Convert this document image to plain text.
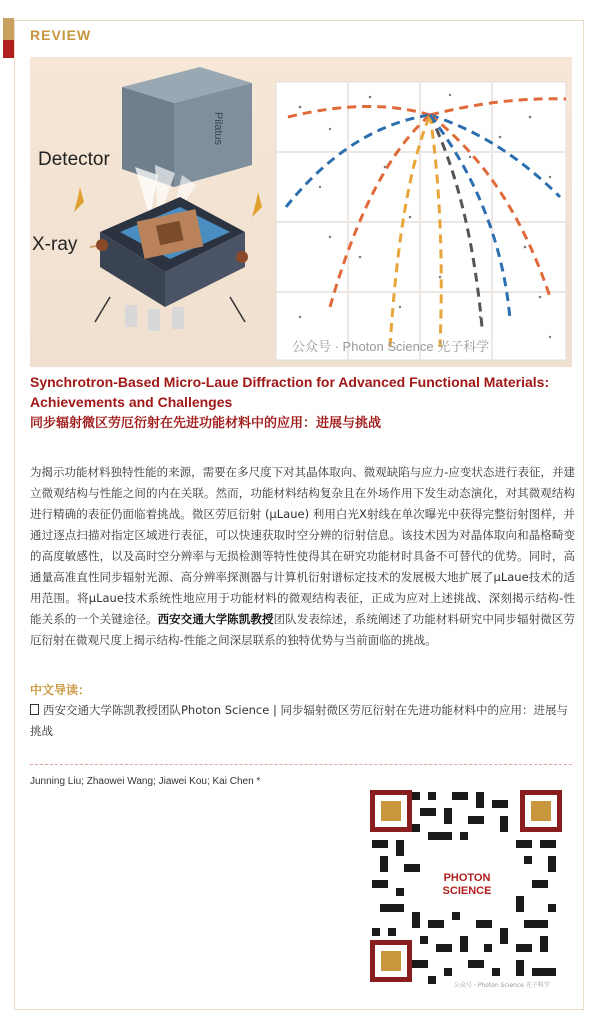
REVIEW
Pilatus
Detector
X-ray
公众号 · Photon Science 光子科学
Synchrotron-Based Micro-Laue Diffraction for Advanced Functional Materials: Achievements and Challenges
同步辐射微区劳厄衍射在先进功能材料中的应用：进展与挑战
为揭示功能材料独特性能的来源，需要在多尺度下对其晶体取向、微观缺陷与应力-应变状态进行表征，并建立微观结构与性能之间的内在关联。然而，功能材料结构复杂且在外场作用下发生动态演化，对其微观结构进行精确的表征仍面临着挑战。微区劳厄衍射 (μLaue) 利用白光X射线在单次曝光中获得完整衍射图样，并通过逐点扫描对指定区域进行表征，可以快速获取时空分辨的衍射信息。该技术因为对晶体取向和晶格畸变的高度敏感性，以及高时空分辨率与无损检测等特性使得其在研究功能材时具备不可替代的优势。同时，高通量高准直性同步辐射光源、高分辨率探测器与计算机衍射谱标定技术的发展极大地扩展了μLaue技术的适用范围。将μLaue技术系统性地应用于功能材料的微观结构表征，正成为应对上述挑战、深刻揭示结构-性能关系的一个关键途径。西安交通大学陈凯教授团队发表综述，系统阐述了功能材料研究中同步辐射微区劳厄衍射在微观尺度上揭示结构-性能之间深层联系的独特优势与当前面临的挑战。
中文导读：
西安交通大学陈凯教授团队Photon Science | 同步辐射微区劳厄衍射在先进功能材料中的应用：进展与挑战
Junning Liu; Zhaowei Wang; Jiawei Kou; Kai Chen *
PHOTON
SCIENCE
公众号 · Photon Science 光子科学
